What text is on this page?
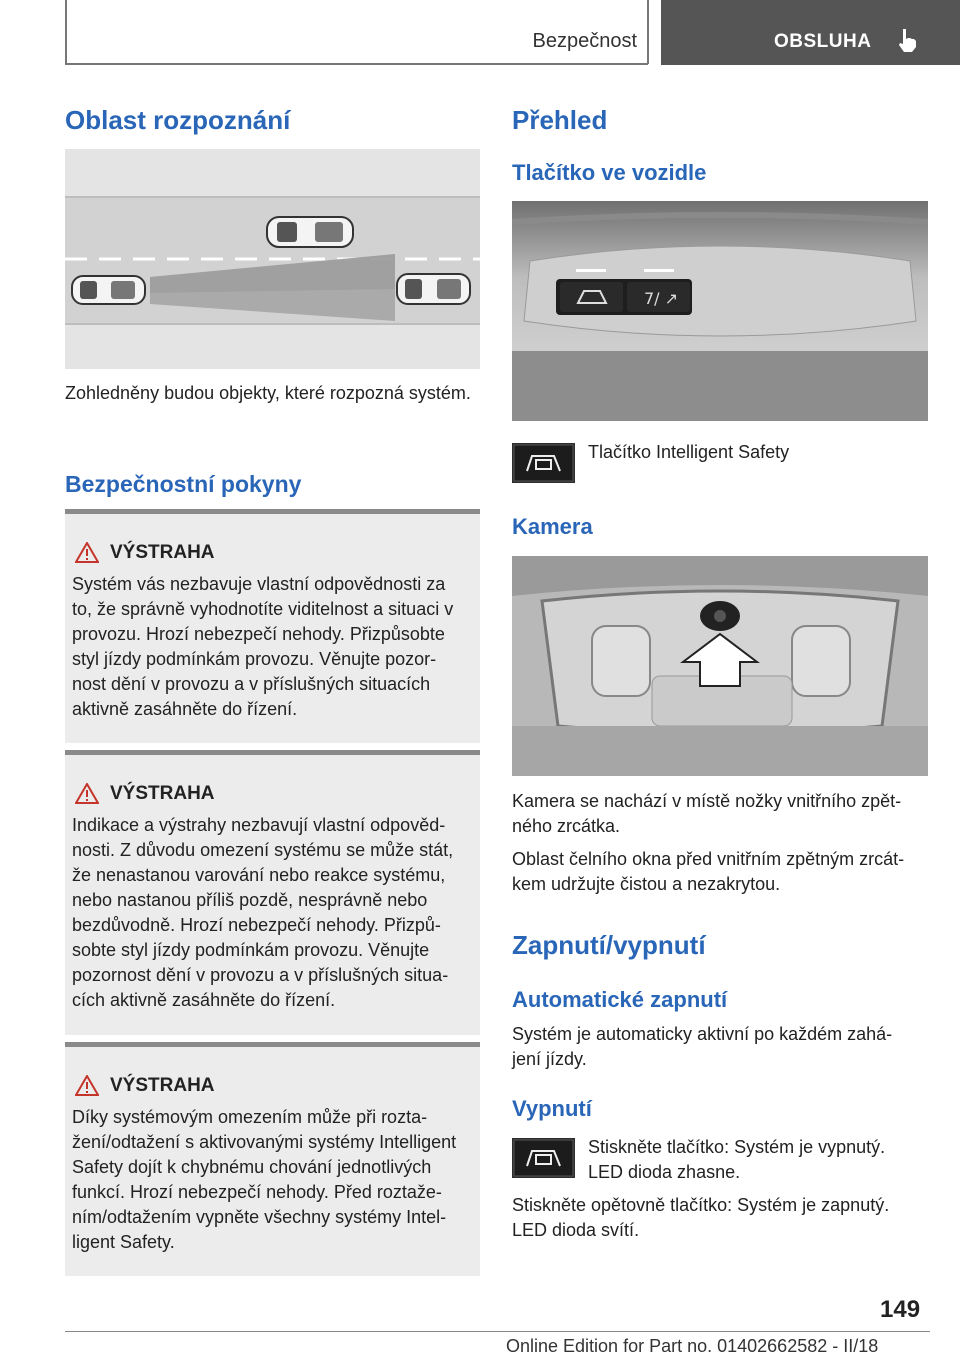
Bezpečnost	OBSLUHA
Oblast rozpoznání
Zohledněny budou objekty, které rozpozná systém.
Bezpečnostní pokyny
VÝSTRAHA
Systém vás nezbavuje vlastní odpovědnosti za
to, že správně vyhodnotíte viditelnost a situaci v
provozu. Hrozí nebezpečí nehody. Přizpůsobte
styl jízdy podmínkám provozu. Věnujte pozor-
nost dění v provozu a v příslušných situacích
aktivně zasáhněte do řízení.
VÝSTRAHA
Indikace a výstrahy nezbavují vlastní odpověd-
nosti. Z důvodu omezení systému se může stát,
že nenastanou varování nebo reakce systému,
nebo nastanou příliš pozdě, nesprávně nebo
bezdůvodně. Hrozí nebezpečí nehody. Přizpů-
sobte styl jízdy podmínkám provozu. Věnujte
pozornost dění v provozu a v příslušných situa-
cích aktivně zasáhněte do řízení.
VÝSTRAHA
Díky systémovým omezením může při rozta-
žení/odtažení s aktivovanými systémy Intelligent
Safety dojít k chybnému chování jednotlivých
funkcí. Hrozí nebezpečí nehody. Před roztaže-
ním/odtažením vypněte všechny systémy Intel-
ligent Safety.
Přehled
Tlačítko ve vozidle
7/ ↗
Tlačítko Intelligent Safety
Kamera
Kamera se nachází v místě nožky vnitřního zpět-
ného zrcátka.
Oblast čelního okna před vnitřním zpětným zrcát-
kem udržujte čistou a nezakrytou.
Zapnutí/vypnutí
Automatické zapnutí
Systém je automaticky aktivní po každém zahá-
jení jízdy.
Vypnutí
Stiskněte tlačítko: Systém je vypnutý.
LED dioda zhasne.
Stiskněte opětovně tlačítko: Systém je zapnutý.
LED dioda svítí.
149
Online Edition for Part no. 01402662582 - II/18
